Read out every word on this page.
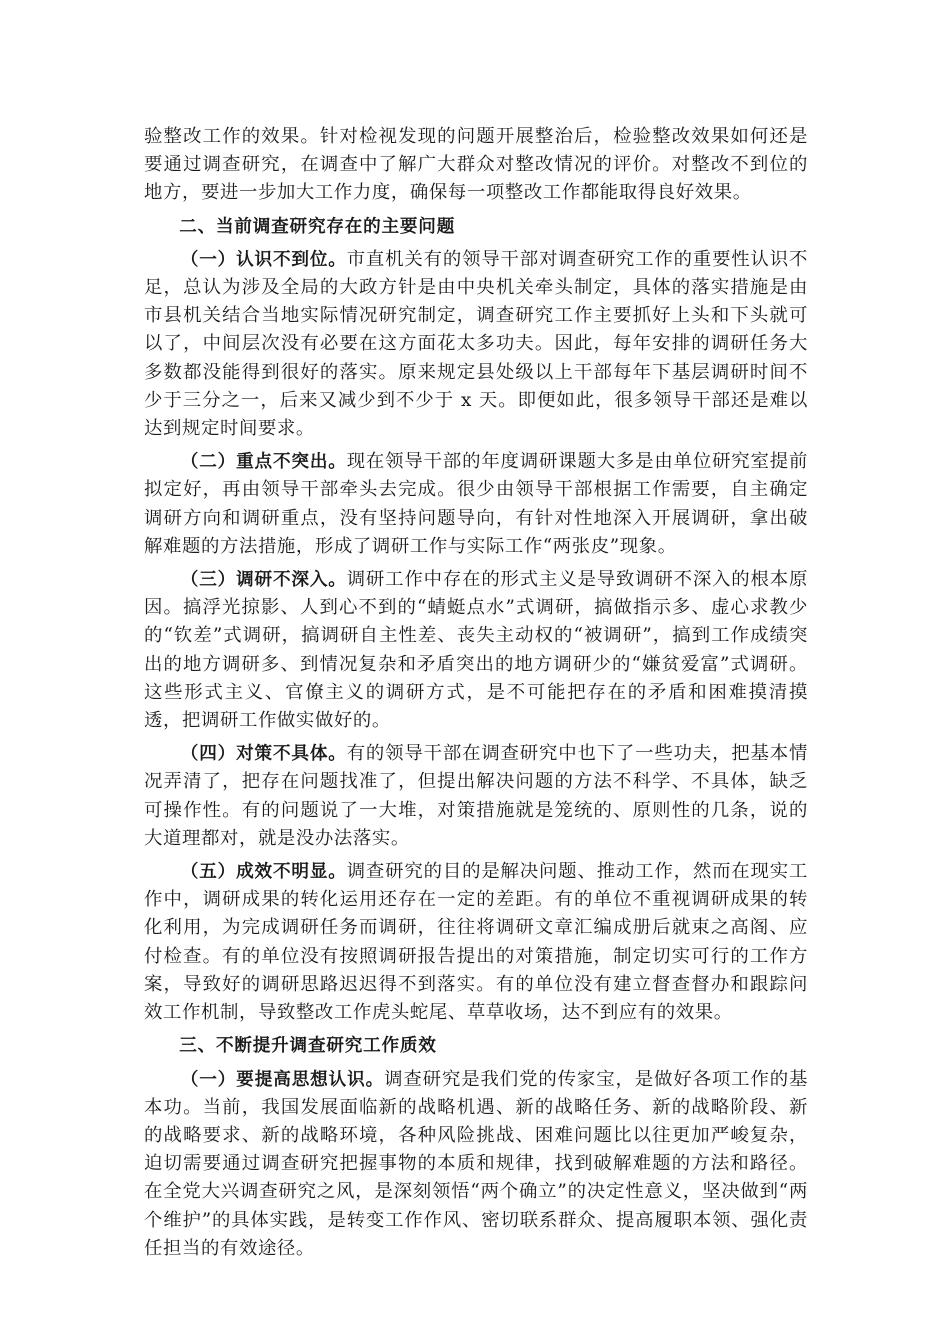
验整改工作的效果。针对检视发现的问题开展整治后，检验整改效果如何还是要通过调查研究，在调查中了解广大群众对整改情况的评价。对整改不到位的地方，要进一步加大工作力度，确保每一项整改工作都能取得良好效果。

二、当前调查研究存在的主要问题

（一）认识不到位。市直机关有的领导干部对调查研究工作的重要性认识不足，总认为涉及全局的大政方针是由中央机关牵头制定，具体的落实措施是由市县机关结合当地实际情况研究制定，调查研究工作主要抓好上头和下头就可以了，中间层次没有必要在这方面花太多功夫。因此，每年安排的调研任务大多数都没能得到很好的落实。原来规定县处级以上干部每年下基层调研时间不少于三分之一，后来又减少到不少于 x 天。即便如此，很多领导干部还是难以达到规定时间要求。

（二）重点不突出。现在领导干部的年度调研课题大多是由单位研究室提前拟定好，再由领导干部牵头去完成。很少由领导干部根据工作需要，自主确定调研方向和调研重点，没有坚持问题导向，有针对性地深入开展调研，拿出破解难题的方法措施，形成了调研工作与实际工作“两张皮”现象。

（三）调研不深入。调研工作中存在的形式主义是导致调研不深入的根本原因。搞浮光掠影、人到心不到的“蜻蜓点水”式调研，搞做指示多、虚心求教少的“钦差”式调研，搞调研自主性差、丧失主动权的“被调研”，搞到工作成绩突出的地方调研多、到情况复杂和矛盾突出的地方调研少的“嫌贫爱富”式调研。这些形式主义、官僚主义的调研方式，是不可能把存在的矛盾和困难摸清摸透，把调研工作做实做好的。

（四）对策不具体。有的领导干部在调查研究中也下了一些功夫，把基本情况弄清了，把存在问题找准了，但提出解决问题的方法不科学、不具体，缺乏可操作性。有的问题说了一大堆，对策措施就是笼统的、原则性的几条，说的大道理都对，就是没办法落实。

（五）成效不明显。调查研究的目的是解决问题、推动工作，然而在现实工作中，调研成果的转化运用还存在一定的差距。有的单位不重视调研成果的转化利用，为完成调研任务而调研，往往将调研文章汇编成册后就束之高阁、应付检查。有的单位没有按照调研报告提出的对策措施，制定切实可行的工作方案，导致好的调研思路迟迟得不到落实。有的单位没有建立督查督办和跟踪问效工作机制，导致整改工作虎头蛇尾、草草收场，达不到应有的效果。

三、不断提升调查研究工作质效

（一）要提高思想认识。调查研究是我们党的传家宝，是做好各项工作的基本功。当前，我国发展面临新的战略机遇、新的战略任务、新的战略阶段、新的战略要求、新的战略环境，各种风险挑战、困难问题比以往更加严峻复杂，迫切需要通过调查研究把握事物的本质和规律，找到破解难题的方法和路径。在全党大兴调查研究之风，是深刻领悟“两个确立”的决定性意义，坚决做到“两个维护”的具体实践，是转变工作作风、密切联系群众、提高履职本领、强化责任担当的有效途径。
